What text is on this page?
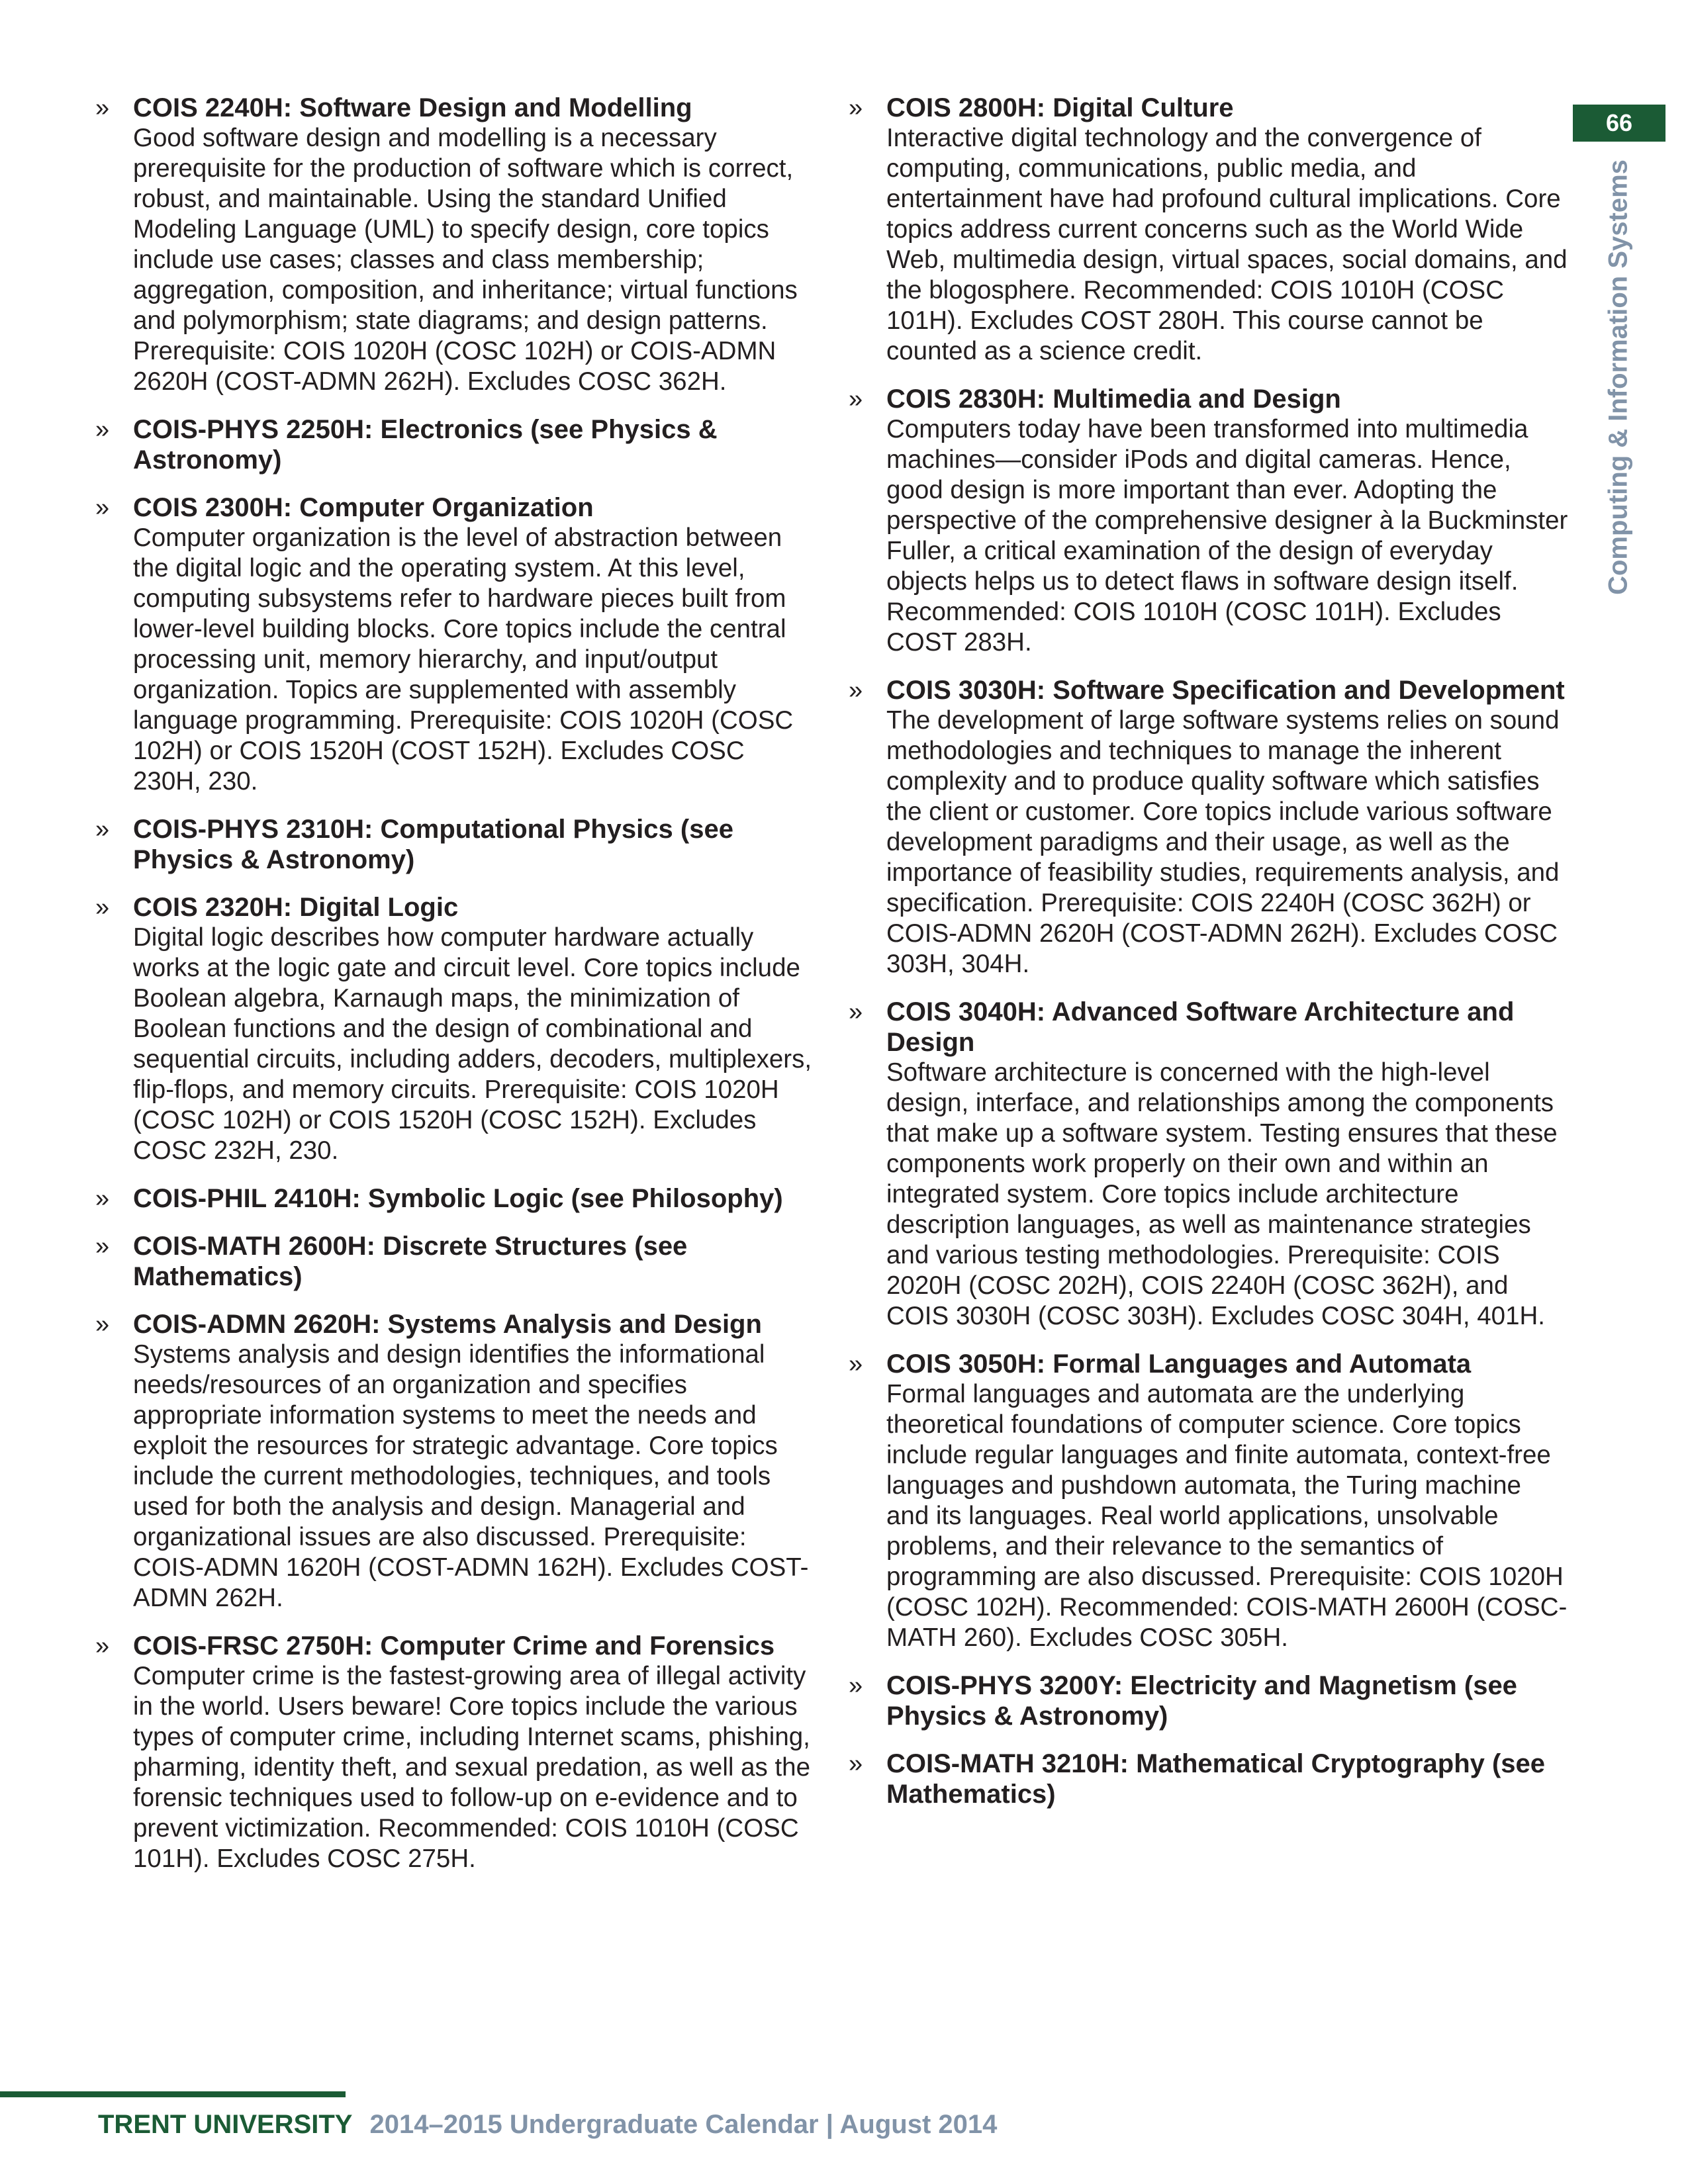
» COIS 2240H: Software Design and Modelling
Good software design and modelling is a necessary prerequisite for the production of software which is correct, robust, and maintainable. Using the standard Unified Modeling Language (UML) to specify design, core topics include use cases; classes and class membership; aggregation, composition, and inheritance; virtual functions and polymorphism; state diagrams; and design patterns. Prerequisite: COIS 1020H (COSC 102H) or COIS-ADMN 2620H (COST-ADMN 262H). Excludes COSC 362H.
» COIS-PHYS 2250H: Electronics (see Physics & Astronomy)
» COIS 2300H: Computer Organization
Computer organization is the level of abstraction between the digital logic and the operating system. At this level, computing subsystems refer to hardware pieces built from lower-level building blocks. Core topics include the central processing unit, memory hierarchy, and input/output organization. Topics are supplemented with assembly language programming. Prerequisite: COIS 1020H (COSC 102H) or COIS 1520H (COST 152H). Excludes COSC 230H, 230.
» COIS-PHYS 2310H: Computational Physics (see Physics & Astronomy)
» COIS 2320H: Digital Logic
Digital logic describes how computer hardware actually works at the logic gate and circuit level. Core topics include Boolean algebra, Karnaugh maps, the minimization of Boolean functions and the design of combinational and sequential circuits, including adders, decoders, multiplexers, flip-flops, and memory circuits. Prerequisite: COIS 1020H (COSC 102H) or COIS 1520H (COSC 152H). Excludes COSC 232H, 230.
» COIS-PHIL 2410H: Symbolic Logic (see Philosophy)
» COIS-MATH 2600H: Discrete Structures (see Mathematics)
» COIS-ADMN 2620H: Systems Analysis and Design
Systems analysis and design identifies the informational needs/resources of an organization and specifies appropriate information systems to meet the needs and exploit the resources for strategic advantage. Core topics include the current methodologies, techniques, and tools used for both the analysis and design. Managerial and organizational issues are also discussed. Prerequisite: COIS-ADMN 1620H (COST-ADMN 162H). Excludes COST-ADMN 262H.
» COIS-FRSC 2750H: Computer Crime and Forensics
Computer crime is the fastest-growing area of illegal activity in the world. Users beware! Core topics include the various types of computer crime, including Internet scams, phishing, pharming, identity theft, and sexual predation, as well as the forensic techniques used to follow-up on e-evidence and to prevent victimization. Recommended: COIS 1010H (COSC 101H). Excludes COSC 275H.
» COIS 2800H: Digital Culture
Interactive digital technology and the convergence of computing, communications, public media, and entertainment have had profound cultural implications. Core topics address current concerns such as the World Wide Web, multimedia design, virtual spaces, social domains, and the blogosphere. Recommended: COIS 1010H (COSC 101H). Excludes COST 280H. This course cannot be counted as a science credit.
» COIS 2830H: Multimedia and Design
Computers today have been transformed into multimedia machines—consider iPods and digital cameras. Hence, good design is more important than ever. Adopting the perspective of the comprehensive designer à la Buckminster Fuller, a critical examination of the design of everyday objects helps us to detect flaws in software design itself. Recommended: COIS 1010H (COSC 101H). Excludes COST 283H.
» COIS 3030H: Software Specification and Development
The development of large software systems relies on sound methodologies and techniques to manage the inherent complexity and to produce quality software which satisfies the client or customer. Core topics include various software development paradigms and their usage, as well as the importance of feasibility studies, requirements analysis, and specification. Prerequisite: COIS 2240H (COSC 362H) or COIS-ADMN 2620H (COST-ADMN 262H). Excludes COSC 303H, 304H.
» COIS 3040H: Advanced Software Architecture and Design
Software architecture is concerned with the high-level design, interface, and relationships among the components that make up a software system. Testing ensures that these components work properly on their own and within an integrated system. Core topics include architecture description languages, as well as maintenance strategies and various testing methodologies. Prerequisite: COIS 2020H (COSC 202H), COIS 2240H (COSC 362H), and COIS 3030H (COSC 303H). Excludes COSC 304H, 401H.
» COIS 3050H: Formal Languages and Automata
Formal languages and automata are the underlying theoretical foundations of computer science. Core topics include regular languages and finite automata, context-free languages and pushdown automata, the Turing machine and its languages. Real world applications, unsolvable problems, and their relevance to the semantics of programming are also discussed. Prerequisite: COIS 1020H (COSC 102H). Recommended: COIS-MATH 2600H (COSC-MATH 260). Excludes COSC 305H.
» COIS-PHYS 3200Y: Electricity and Magnetism (see Physics & Astronomy)
» COIS-MATH 3210H: Mathematical Cryptography (see Mathematics)
66
Computing & Information Systems
TRENT UNIVERSITY 2014–2015 Undergraduate Calendar | August 2014
